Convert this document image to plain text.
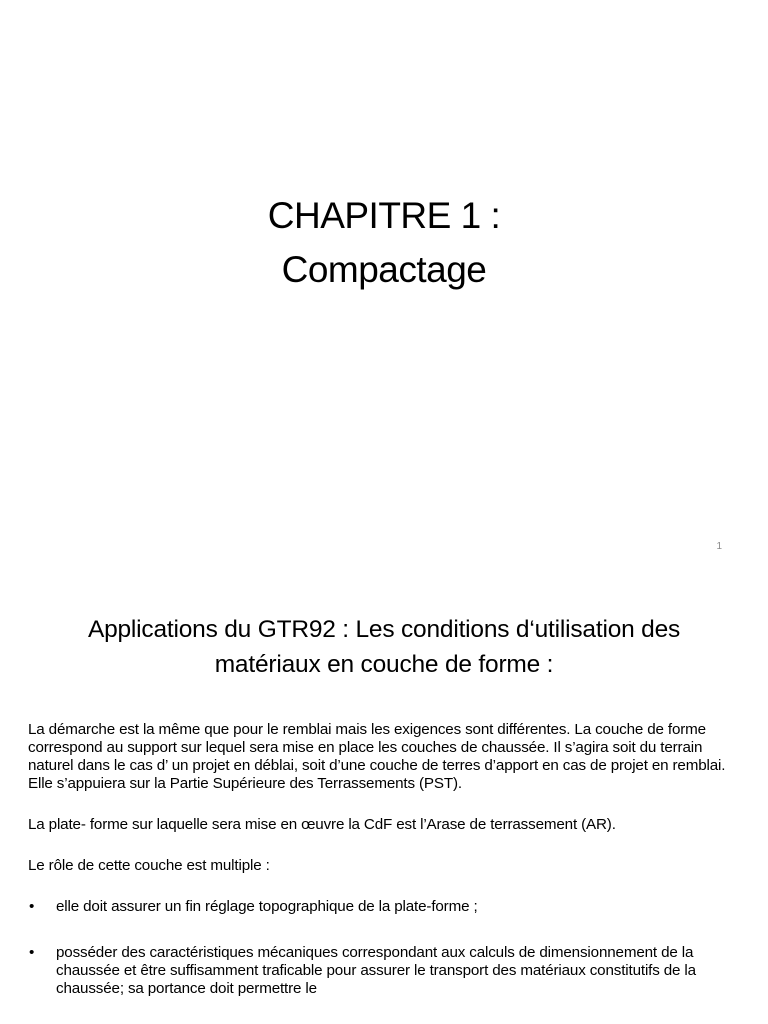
CHAPITRE 1 :
Compactage
1
Applications du GTR92 : Les conditions d‘utilisation des
matériaux en couche de forme :

La démarche est la même que pour le remblai mais les exigences sont différentes. La couche de forme correspond au support sur lequel sera mise en place les couches de chaussée. Il s’agira soit du terrain naturel dans le cas d’ un projet en déblai, soit d’une couche de terres d’apport en cas de projet en remblai. Elle s’appuiera sur la Partie Supérieure des Terrassements (PST).

La plate- forme sur laquelle sera mise en œuvre la CdF est l’Arase de terrassement (AR).

Le rôle de cette couche est multiple :

• elle doit assurer un fin réglage topographique de la plate-forme ;
• posséder des caractéristiques mécaniques correspondant aux calculs de dimensionnement de la chaussée et être suffisamment traficable pour assurer le transport des matériaux constitutifs de la chaussée; sa portance doit permettre le
